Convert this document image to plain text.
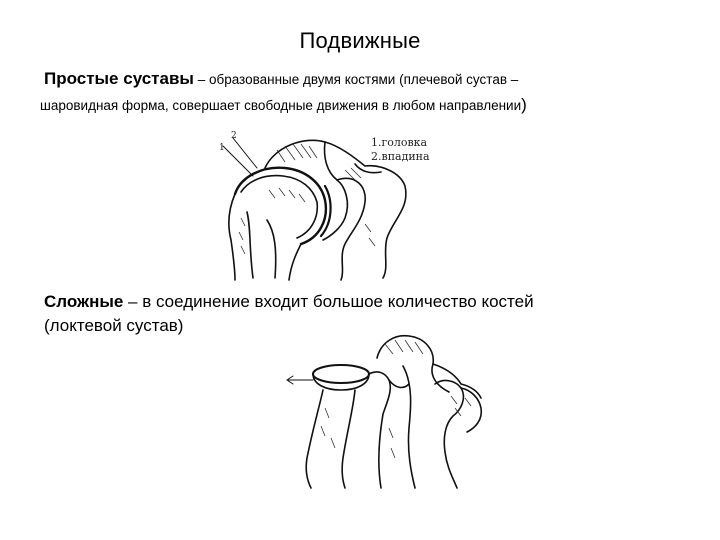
Подвижные
Простые суставы – образованные двумя костями (плечевой сустав –
шаровидная форма, совершает свободные движения в любом направлении)
1
2	1.головка
2.впадина
Сложные – в соединение входит большое количество костей
(локтевой сустав)
